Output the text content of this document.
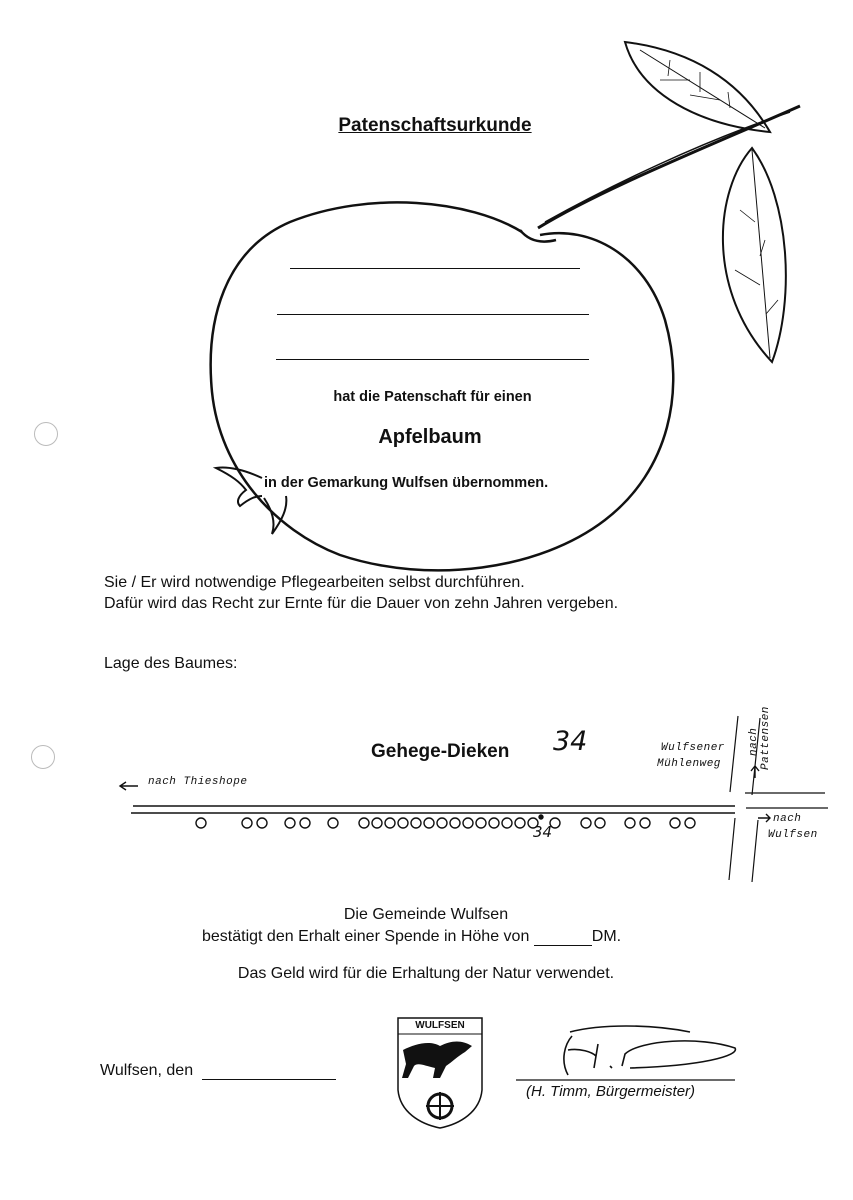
Patenschaftsurkunde
hat die Patenschaft für einen
Apfelbaum
in der Gemarkung Wulfsen übernommen.
Sie / Er wird notwendige Pflegearbeiten selbst durchführen.
Dafür wird das Recht zur Ernte für die Dauer von zehn Jahren vergeben.
Lage des Baumes:
Gehege-Dieken 34
34
nach Thieshope
Wulfsener
Mühlenweg
nach Pattensen
nach
Wulfsen
Die Gemeinde Wulfsen
bestätigt den Erhalt einer Spende in Höhe von	DM.
Das Geld wird für die Erhaltung der Natur verwendet.
Wulfsen, den
WULFSEN
(H. Timm, Bürgermeister)
